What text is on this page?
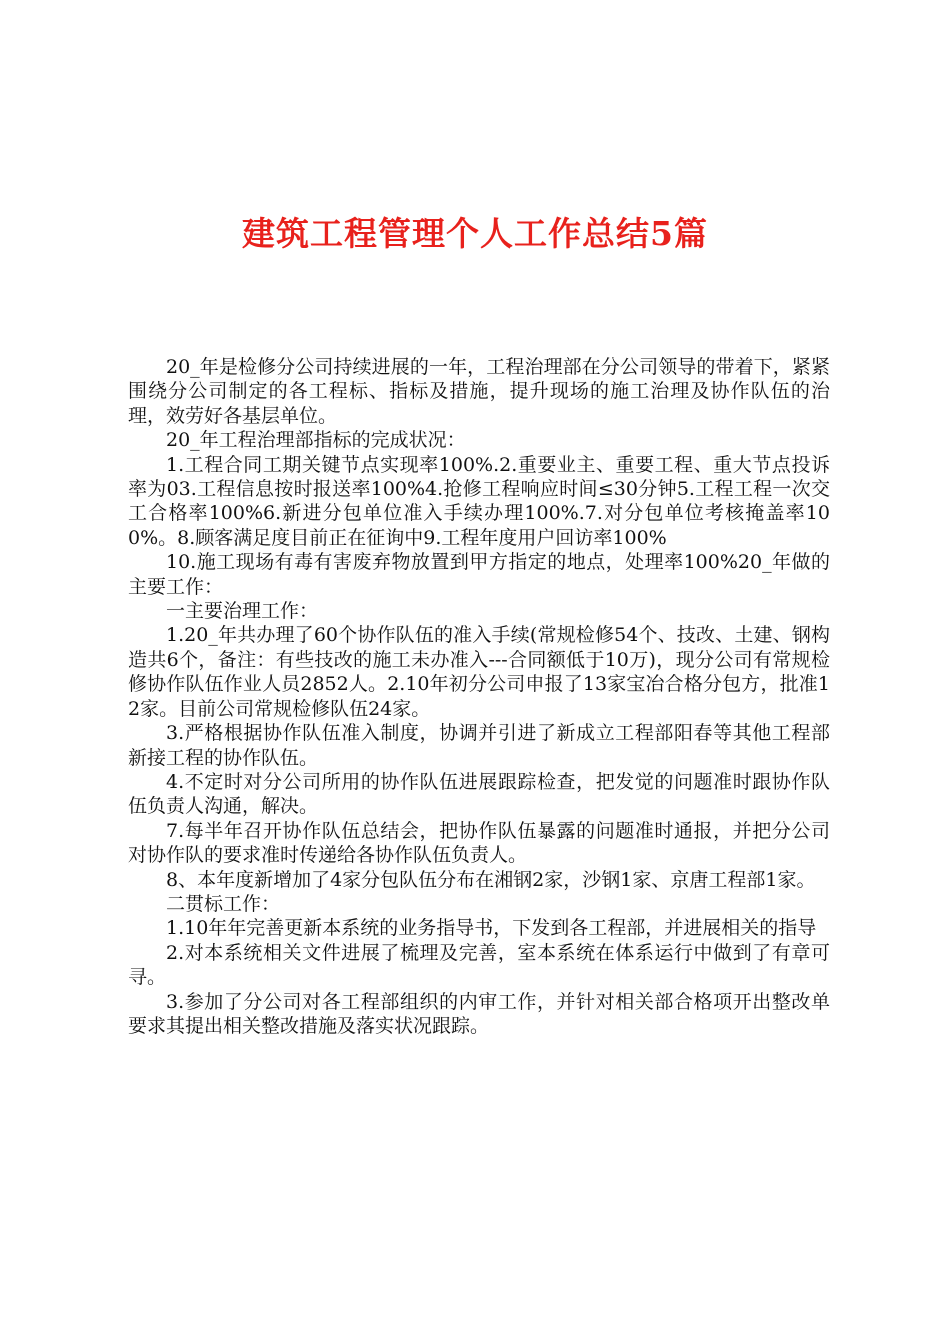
建筑工程管理个人工作总结5篇

20_年是检修分公司持续进展的一年，工程治理部在分公司领导的带着下，紧紧围绕分公司制定的各工程标、指标及措施，提升现场的施工治理及协作队伍的治理，效劳好各基层单位。

20_年工程治理部指标的完成状况：

1.工程合同工期关键节点实现率100%.2.重要业主、重要工程、重大节点投诉率为03.工程信息按时报送率100%4.抢修工程响应时间≤30分钟5.工程工程一次交工合格率100%6.新进分包单位准入手续办理100%.7.对分包单位考核掩盖率100%。8.顾客满足度目前正在征询中9.工程年度用户回访率100%

10.施工现场有毒有害废弃物放置到甲方指定的地点，处理率100%20_年做的主要工作：

一主要治理工作：

1.20_年共办理了60个协作队伍的准入手续(常规检修54个、技改、土建、钢构造共6个，备注：有些技改的施工未办准入---合同额低于10万)，现分公司有常规检修协作队伍作业人员2852人。2.10年初分公司申报了13家宝冶合格分包方，批准12家。目前公司常规检修队伍24家。

3.严格根据协作队伍准入制度，协调并引进了新成立工程部阳春等其他工程部新接工程的协作队伍。

4.不定时对分公司所用的协作队伍进展跟踪检查，把发觉的问题准时跟协作队伍负责人沟通，解决。

7.每半年召开协作队伍总结会，把协作队伍暴露的问题准时通报，并把分公司对协作队的要求准时传递给各协作队伍负责人。

8、本年度新增加了4家分包队伍分布在湘钢2家，沙钢1家、京唐工程部1家。

二贯标工作：

1.10年年完善更新本系统的业务指导书，下发到各工程部，并进展相关的指导

2.对本系统相关文件进展了梳理及完善，室本系统在体系运行中做到了有章可寻。

3.参加了分公司对各工程部组织的内审工作，并针对相关部合格项开出整改单要求其提出相关整改措施及落实状况跟踪。
